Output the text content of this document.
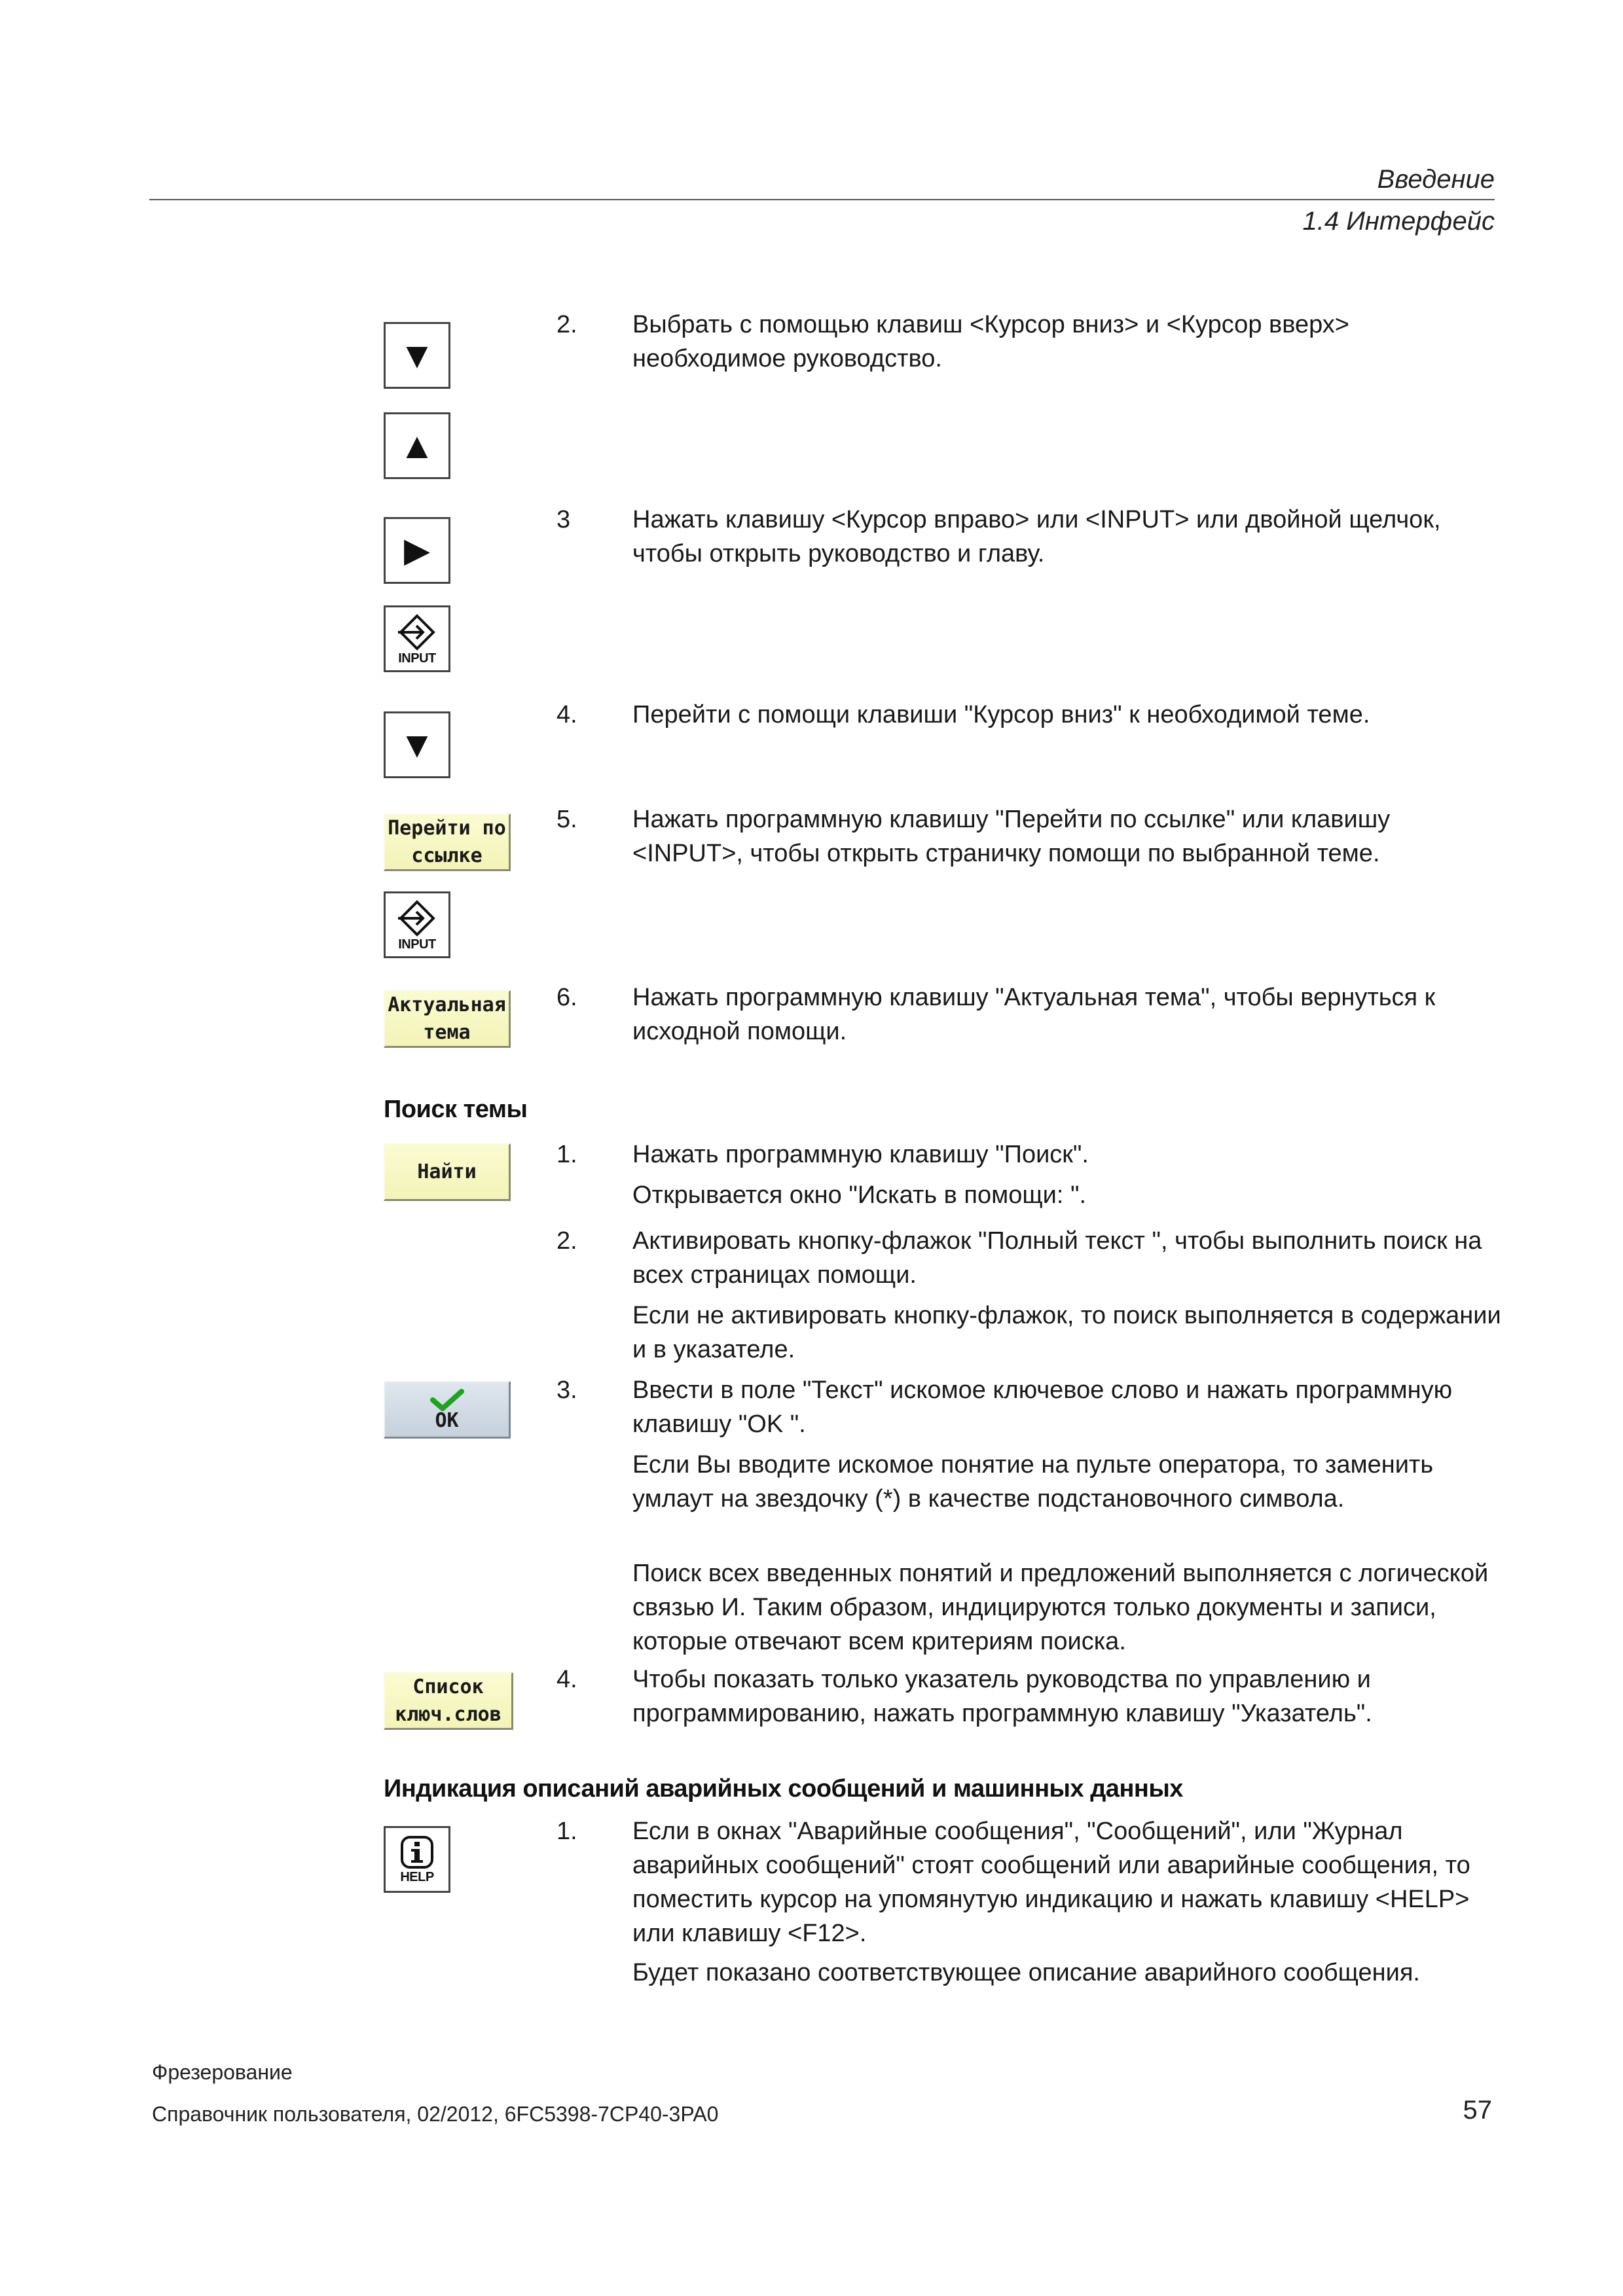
Введение
1.4 Интерфейс
▼
▲
▶
INPUT
▼
Перейти по
ссылке
INPUT
Актуальная
тема
2.	Выбрать с помощью клавиш <Курсор вниз> и <Курсор вверх> необходимое руководство.
3	Нажать клавишу <Курсор вправо> или <INPUT> или двойной щелчок, чтобы открыть руководство и главу.
4.	Перейти с помощи клавиши "Курсор вниз" к необходимой теме.
5.	Нажать программную клавишу "Перейти по ссылке" или клавишу <INPUT>, чтобы открыть страничку помощи по выбранной теме.
6.	Нажать программную клавишу "Актуальная тема", чтобы вернуться к исходной помощи.
Поиск темы
Найти
OK
Список
ключ.слов
1.	Нажать программную клавишу "Поиск".
Открывается окно "Искать в помощи: ".
2.	Активировать кнопку-флажок "Полный текст ", чтобы выполнить поиск на всех страницах помощи.
Если не активировать кнопку-флажок, то поиск выполняется в содержании и в указателе.
3.	Ввести в поле "Текст" искомое ключевое слово и нажать программную клавишу "OK ".
Если Вы вводите искомое понятие на пульте оператора, то заменить умлаут на звездочку (*) в качестве подстановочного символа.
Поиск всех введенных понятий и предложений выполняется с логической связью И. Таким образом, индицируются только документы и записи, которые отвечают всем критериям поиска.
4.	Чтобы показать только указатель руководства по управлению и программированию, нажать программную клавишу "Указатель".
Индикация описаний аварийных сообщений и машинных данных
HELP
1.	Если в окнах "Аварийные сообщения", "Сообщений", или "Журнал аварийных сообщений" стоят сообщений или аварийные сообщения, то поместить курсор на упомянутую индикацию и нажать клавишу <HELP> или клавишу <F12>.
Будет показано соответствующее описание аварийного сообщения.
Фрезерование
Справочник пользователя, 02/2012, 6FC5398-7CP40-3PA0	57
